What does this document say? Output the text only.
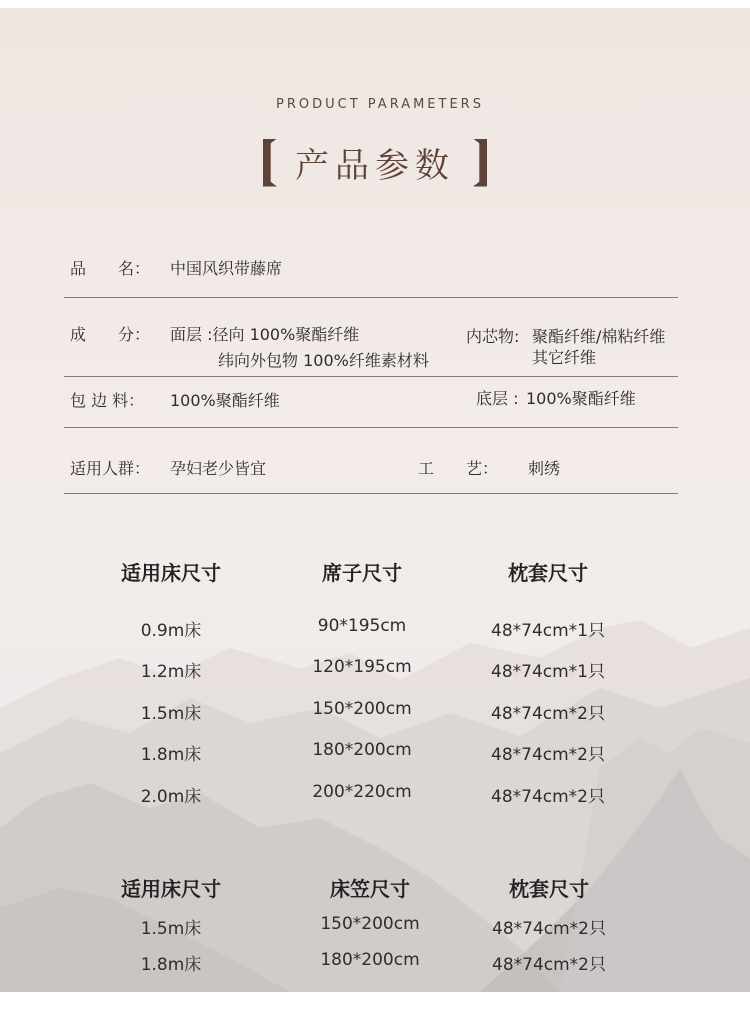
PRODUCT PARAMETERS
产品参数
品　　名： 中国风织带藤席
成　　分： 面层 :径向 100%聚酯纤维
纬向外包物 100%纤维素材料
内芯物: 聚酯纤维/棉粘纤维
其它纤维
包 边 料： 100%聚酯纤维	底层 : 100%聚酯纤维
适用人群： 孕妇老少皆宜	工　　艺： 刺绣
适用床尺寸	席子尺寸	枕套尺寸
0.9m床	90*195cm	48*74cm*1只
1.2m床	120*195cm	48*74cm*1只
1.5m床	150*200cm	48*74cm*2只
1.8m床	180*200cm	48*74cm*2只
2.0m床	200*220cm	48*74cm*2只
适用床尺寸	床笠尺寸	枕套尺寸
1.5m床	150*200cm	48*74cm*2只
1.8m床	180*200cm	48*74cm*2只
